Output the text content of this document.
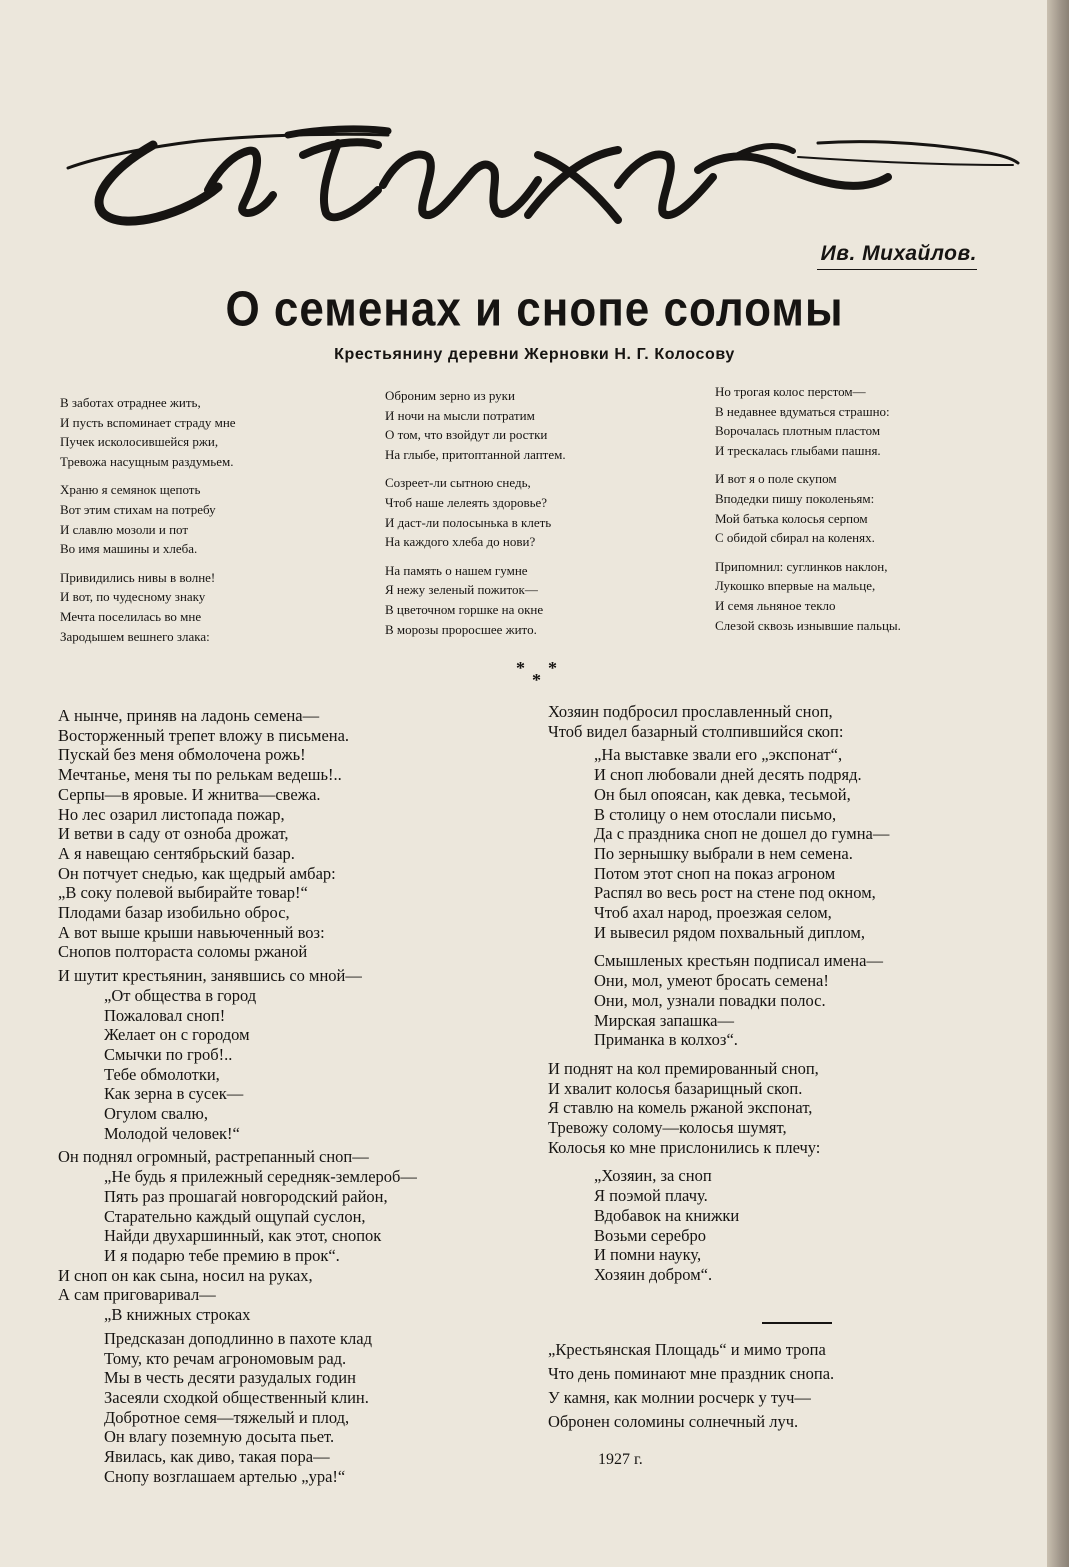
Ив. Михайлов.
О семенах и снопе соломы
Крестьянину деревни Жерновки Н. Г. Колосову
В заботах отраднее жить,
И пусть вспоминает страду мне
Пучек исколосившейся ржи,
Тревожа насущным раздумьем.
Храню я семянок щепоть
Вот этим стихам на потребу
И славлю мозоли и пот
Во имя машины и хлеба.
Привидились нивы в волне!
И вот, по чудесному знаку
Мечта поселилась во мне
Зародышем вешнего злака:
Оброним зерно из руки
И ночи на мысли потратим
О том, что взойдут ли ростки
На глыбе, притоптанной лаптем.
Созреет-ли сытною снедь,
Чтоб наше лелеять здоровье?
И даст-ли полосынька в клеть
На каждого хлеба до нови?
На память о нашем гумне
Я нежу зеленый пожиток—
В цветочном горшке на окне
В морозы проросшее жито.
Но трогая колос перстом—
В недавнее вдуматься страшно:
Ворочалась плотным пластом
И трескалась глыбами пашня.
И вот я о поле скупом
Вподедки пишу поколеньям:
Мой батька колосья серпом
С обидой сбирал на коленях.
Припомнил: суглинков наклон,
Лукошко впервые на мальце,
И семя льняное текло
Слезой сквозь изнывшие пальцы.
* *
*
А нынче, приняв на ладонь семена—
Восторженный трепет вложу в письмена.
Пускай без меня обмолочена рожь!
Мечтанье, меня ты по релькам ведешь!..
Серпы—в яровые. И жнитва—свежа.
Но лес озарил листопада пожар,
И ветви в саду от озноба дрожат,
А я навещаю сентябрьский базар.
Он потчует снедью, как щедрый амбар:
„В соку полевой выбирайте товар!“
Плодами базар изобильно оброс,
А вот выше крыши навьюченный воз:
Снопов полтораста соломы ржаной
И шутит крестьянин, занявшись со мной—
„От общества в город
Пожаловал сноп!
Желает он с городом
Смычки по гроб!..
Тебе обмолотки,
Как зерна в сусек—
Огулом свалю,
Молодой человек!“
Он поднял огромный, растрепанный сноп—
„Не будь я прилежный середняк-землероб—
Пять раз прошагай новгородский район,
Старательно каждый ощупай суслон,
Найди двухаршинный, как этот, снопок
И я подарю тебе премию в прок“.
И сноп он как сына, носил на руках,
А сам приговаривал—
„В книжных строках
Предсказан доподлинно в пахоте клад
Тому, кто речам агрономовым рад.
Мы в честь десяти разудалых годин
Засеяли сходкой общественный клин.
Добротное семя—тяжелый и плод,
Он влагу поземную досыта пьет.
Явилась, как диво, такая пора—
Снопу возглашаем артелью „ура!“
Хозяин подбросил прославленный сноп,
Чтоб видел базарный столпившийся скоп:
„На выставке звали его „экспонат“,
И сноп любовали дней десять подряд.
Он был опоясан, как девка, тесьмой,
В столицу о нем отослали письмо,
Да с праздника сноп не дошел до гумна—
По зернышку выбрали в нем семена.
Потом этот сноп на показ агроном
Распял во весь рост на стене под окном,
Чтоб ахал народ, проезжая селом,
И вывесил рядом похвальный диплом,
Смышленых крестьян подписал имена—
Они, мол, умеют бросать семена!
Они, мол, узнали повадки полос.
Мирская запашка—
Приманка в колхоз“.
И поднят на кол премированный сноп,
И хвалит колосья базарищный скоп.
Я ставлю на комель ржаной экспонат,
Тревожу солому—колосья шумят,
Колосья ко мне прислонились к плечу:
„Хозяин, за сноп
Я поэмой плачу.
Вдобавок на книжки
Возьми серебро
И помни науку,
Хозяин добром“.
„Крестьянская Площадь“ и мимо тропа
Что день поминают мне праздник снопа.
У камня, как молнии росчерк у туч—
Обронен соломины солнечный луч.
1927 г.
